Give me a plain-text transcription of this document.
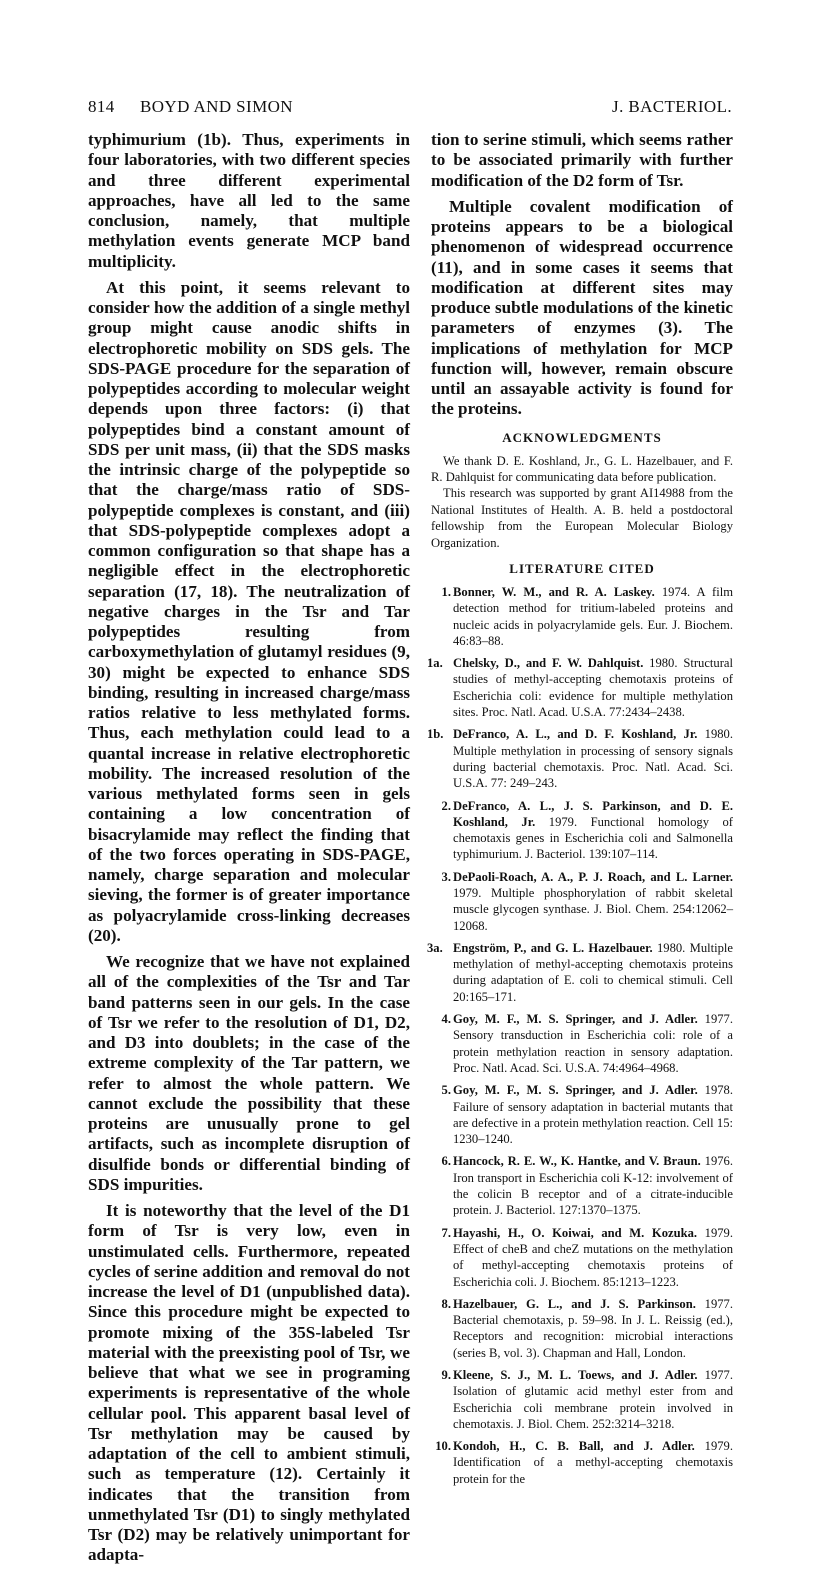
814 BOYD AND SIMON	J. BACTERIOL.

typhimurium (1b). Thus, experiments in four laboratories, with two different species and three different experimental approaches, have all led to the same conclusion, namely, that multiple methylation events generate MCP band multiplicity.

At this point, it seems relevant to consider how the addition of a single methyl group might cause anodic shifts in electrophoretic mobility on SDS gels. The SDS-PAGE procedure for the separation of polypeptides according to molecular weight depends upon three factors: (i) that polypeptides bind a constant amount of SDS per unit mass, (ii) that the SDS masks the intrinsic charge of the polypeptide so that the charge/mass ratio of SDS-polypeptide complexes is constant, and (iii) that SDS-polypeptide complexes adopt a common configuration so that shape has a negligible effect in the electrophoretic separation (17, 18). The neutralization of negative charges in the Tsr and Tar polypeptides resulting from carboxymethylation of glutamyl residues (9, 30) might be expected to enhance SDS binding, resulting in increased charge/mass ratios relative to less methylated forms. Thus, each methylation could lead to a quantal increase in relative electrophoretic mobility. The increased resolution of the various methylated forms seen in gels containing a low concentration of bisacrylamide may reflect the finding that of the two forces operating in SDS-PAGE, namely, charge separation and molecular sieving, the former is of greater importance as polyacrylamide cross-linking decreases (20).

We recognize that we have not explained all of the complexities of the Tsr and Tar band patterns seen in our gels. In the case of Tsr we refer to the resolution of D1, D2, and D3 into doublets; in the case of the extreme complexity of the Tar pattern, we refer to almost the whole pattern. We cannot exclude the possibility that these proteins are unusually prone to gel artifacts, such as incomplete disruption of disulfide bonds or differential binding of SDS impurities.

It is noteworthy that the level of the D1 form of Tsr is very low, even in unstimulated cells. Furthermore, repeated cycles of serine addition and removal do not increase the level of D1 (unpublished data). Since this procedure might be expected to promote mixing of the 35S-labeled Tsr material with the preexisting pool of Tsr, we believe that what we see in programing experiments is representative of the whole cellular pool. This apparent basal level of Tsr methylation may be caused by adaptation of the cell to ambient stimuli, such as temperature (12). Certainly it indicates that the transition from unmethylated Tsr (D1) to singly methylated Tsr (D2) may be relatively unimportant for adapta-

tion to serine stimuli, which seems rather to be associated primarily with further modification of the D2 form of Tsr.

Multiple covalent modification of proteins appears to be a biological phenomenon of widespread occurrence (11), and in some cases it seems that modification at different sites may produce subtle modulations of the kinetic parameters of enzymes (3). The implications of methylation for MCP function will, however, remain obscure until an assayable activity is found for the proteins.

ACKNOWLEDGMENTS

We thank D. E. Koshland, Jr., G. L. Hazelbauer, and F. R. Dahlquist for communicating data before publication.

This research was supported by grant AI14988 from the National Institutes of Health. A. B. held a postdoctoral fellowship from the European Molecular Biology Organization.

LITERATURE CITED
1. Bonner, W. M., and R. A. Laskey. 1974. A film detection method for tritium-labeled proteins and nucleic acids in polyacrylamide gels. Eur. J. Biochem. 46:83–88.
1a. Chelsky, D., and F. W. Dahlquist. 1980. Structural studies of methyl-accepting chemotaxis proteins of Escherichia coli: evidence for multiple methylation sites. Proc. Natl. Acad. U.S.A. 77:2434–2438.
1b. DeFranco, A. L., and D. F. Koshland, Jr. 1980. Multiple methylation in processing of sensory signals during bacterial chemotaxis. Proc. Natl. Acad. Sci. U.S.A. 77: 249–243.
2. DeFranco, A. L., J. S. Parkinson, and D. E. Koshland, Jr. 1979. Functional homology of chemotaxis genes in Escherichia coli and Salmonella typhimurium. J. Bacteriol. 139:107–114.
3. DePaoli-Roach, A. A., P. J. Roach, and L. Larner. 1979. Multiple phosphorylation of rabbit skeletal muscle glycogen synthase. J. Biol. Chem. 254:12062–12068.
3a. Engström, P., and G. L. Hazelbauer. 1980. Multiple methylation of methyl-accepting chemotaxis proteins during adaptation of E. coli to chemical stimuli. Cell 20:165–171.
4. Goy, M. F., M. S. Springer, and J. Adler. 1977. Sensory transduction in Escherichia coli: role of a protein methylation reaction in sensory adaptation. Proc. Natl. Acad. Sci. U.S.A. 74:4964–4968.
5. Goy, M. F., M. S. Springer, and J. Adler. 1978. Failure of sensory adaptation in bacterial mutants that are defective in a protein methylation reaction. Cell 15: 1230–1240.
6. Hancock, R. E. W., K. Hantke, and V. Braun. 1976. Iron transport in Escherichia coli K-12: involvement of the colicin B receptor and of a citrate-inducible protein. J. Bacteriol. 127:1370–1375.
7. Hayashi, H., O. Koiwai, and M. Kozuka. 1979. Effect of cheB and cheZ mutations on the methylation of methyl-accepting chemotaxis proteins of Escherichia coli. J. Biochem. 85:1213–1223.
8. Hazelbauer, G. L., and J. S. Parkinson. 1977. Bacterial chemotaxis, p. 59–98. In J. L. Reissig (ed.), Receptors and recognition: microbial interactions (series B, vol. 3). Chapman and Hall, London.
9. Kleene, S. J., M. L. Toews, and J. Adler. 1977. Isolation of glutamic acid methyl ester from and Escherichia coli membrane protein involved in chemotaxis. J. Biol. Chem. 252:3214–3218.
10. Kondoh, H., C. B. Ball, and J. Adler. 1979. Identification of a methyl-accepting chemotaxis protein for the
